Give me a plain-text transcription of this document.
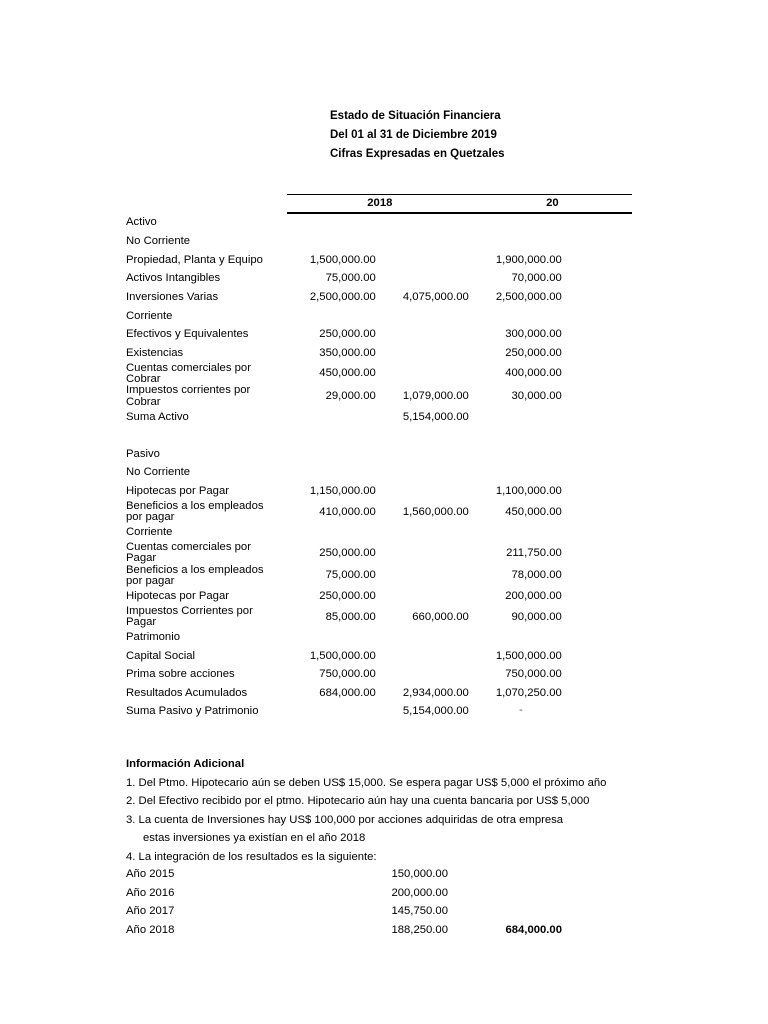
Estado de Situación Financiera
Del 01 al 31 de Diciembre 2019
Cifras Expresadas en Quetzales
	2018		20	
Activo				
No Corriente				
Propiedad, Planta y Equipo	1,500,000.00		1,900,000.00	
Activos Intangibles	75,000.00		70,000.00	
Inversiones Varias	2,500,000.00	4,075,000.00	2,500,000.00	
Corriente				
Efectivos y Equivalentes	250,000.00		300,000.00	
Existencias	350,000.00		250,000.00	
Cuentas comerciales por Cobrar	450,000.00		400,000.00	
Impuestos corrientes por Cobrar	29,000.00	1,079,000.00	30,000.00	
Suma Activo		5,154,000.00		

Pasivo				
No Corriente				
Hipotecas por Pagar	1,150,000.00		1,100,000.00	
Beneficios a los empleados por pagar	410,000.00	1,560,000.00	450,000.00	
Corriente				
Cuentas comerciales por Pagar	250,000.00		211,750.00	
Beneficios a los empleados por pagar	75,000.00		78,000.00	
Hipotecas por Pagar	250,000.00		200,000.00	
Impuestos Corrientes por Pagar	85,000.00	660,000.00	90,000.00	
Patrimonio				
Capital Social	1,500,000.00		1,500,000.00	
Prima sobre acciones	750,000.00		750,000.00	
Resultados Acumulados	684,000.00	2,934,000.00	1,070,250.00	
Suma Pasivo y Patrimonio		5,154,000.00			-
Información Adicional
1. Del Ptmo. Hipotecario aún se deben US$ 15,000. Se espera pagar US$ 5,000 el próximo año
2. Del Efectivo recibido por el ptmo. Hipotecario aún hay una cuenta bancaria por US$ 5,000
3. La cuenta de Inversiones hay US$ 100,000 por acciones adquiridas de otra empresa
estas inversiones ya existían en el año 2018
4. La integración de los resultados es la siguiente:
Año 2015	150,000.00		
Año 2016	200,000.00		
Año 2017	145,750.00		
Año 2018	188,250.00		684,000.00
